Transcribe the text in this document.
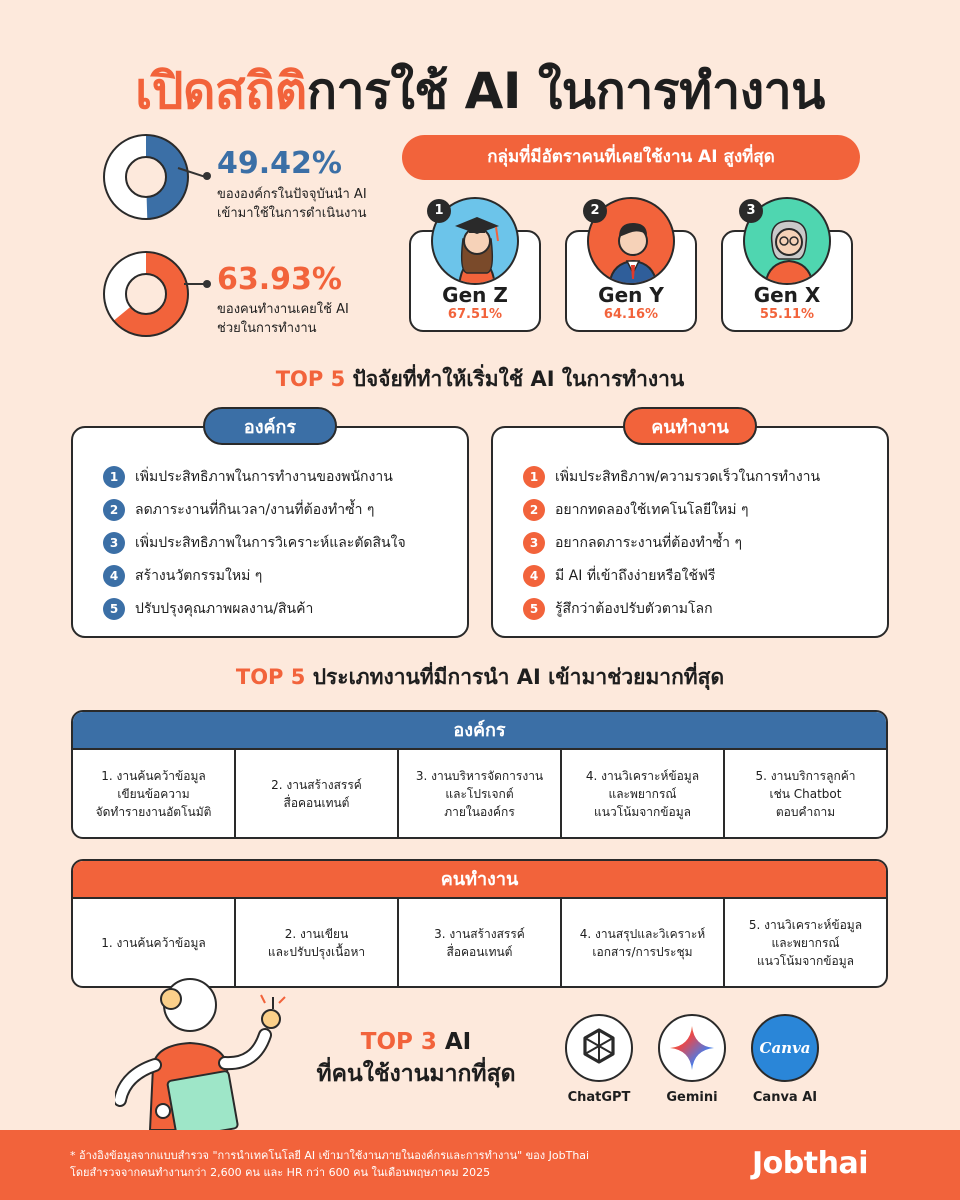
เปิดสถิติการใช้ AI ในการทำงาน
49.42%
ขององค์กรในปัจจุบันนำ AI
เข้ามาใช้ในการดำเนินงาน
63.93%
ของคนทำงานเคยใช้ AI
ช่วยในการทำงาน
กลุ่มที่มีอัตราคนที่เคยใช้งาน AI สูงที่สุด
1
Gen Z
67.51%
2
Gen Y
64.16%
3
Gen X
55.11%
TOP 5 ปัจจัยที่ทำให้เริ่มใช้ AI ในการทำงาน
1	เพิ่มประสิทธิภาพในการทำงานของพนักงาน
2	ลดภาระงานที่กินเวลา/งานที่ต้องทำซ้ำ ๆ
3	เพิ่มประสิทธิภาพในการวิเคราะห์และตัดสินใจ
4	สร้างนวัตกรรมใหม่ ๆ
5	ปรับปรุงคุณภาพผลงาน/สินค้า
องค์กร
1	เพิ่มประสิทธิภาพ/ความรวดเร็วในการทำงาน
2	อยากทดลองใช้เทคโนโลยีใหม่ ๆ
3	อยากลดภาระงานที่ต้องทำซ้ำ ๆ
4	มี AI ที่เข้าถึงง่ายหรือใช้ฟรี
5	รู้สึกว่าต้องปรับตัวตามโลก
คนทำงาน
TOP 5 ประเภทงานที่มีการนำ AI เข้ามาช่วยมากที่สุด
องค์กร
1. งานค้นคว้าข้อมูล
เขียนข้อความ
จัดทำรายงานอัตโนมัติ
2. งานสร้างสรรค์
สื่อคอนเทนต์
3. งานบริหารจัดการงาน
และโปรเจกต์
ภายในองค์กร
4. งานวิเคราะห์ข้อมูล
และพยากรณ์
แนวโน้มจากข้อมูล
5. งานบริการลูกค้า
เช่น Chatbot
ตอบคำถาม
คนทำงาน
1. งานค้นคว้าข้อมูล
2. งานเขียน
และปรับปรุงเนื้อหา
3. งานสร้างสรรค์
สื่อคอนเทนต์
4. งานสรุปและวิเคราะห์
เอกสาร/การประชุม
5. งานวิเคราะห์ข้อมูล
และพยากรณ์
แนวโน้มจากข้อมูล
TOP 3 AI
ที่คนใช้งานมากที่สุด
ChatGPT	Gemini
Canva
Canva AI
* อ้างอิงข้อมูลจากแบบสำรวจ "การนำเทคโนโลยี AI เข้ามาใช้งานภายในองค์กรและการทำงาน" ของ JobThai
โดยสำรวจจากคนทำงานกว่า 2,600 คน และ HR กว่า 600 คน ในเดือนพฤษภาคม 2025	Jobthai
